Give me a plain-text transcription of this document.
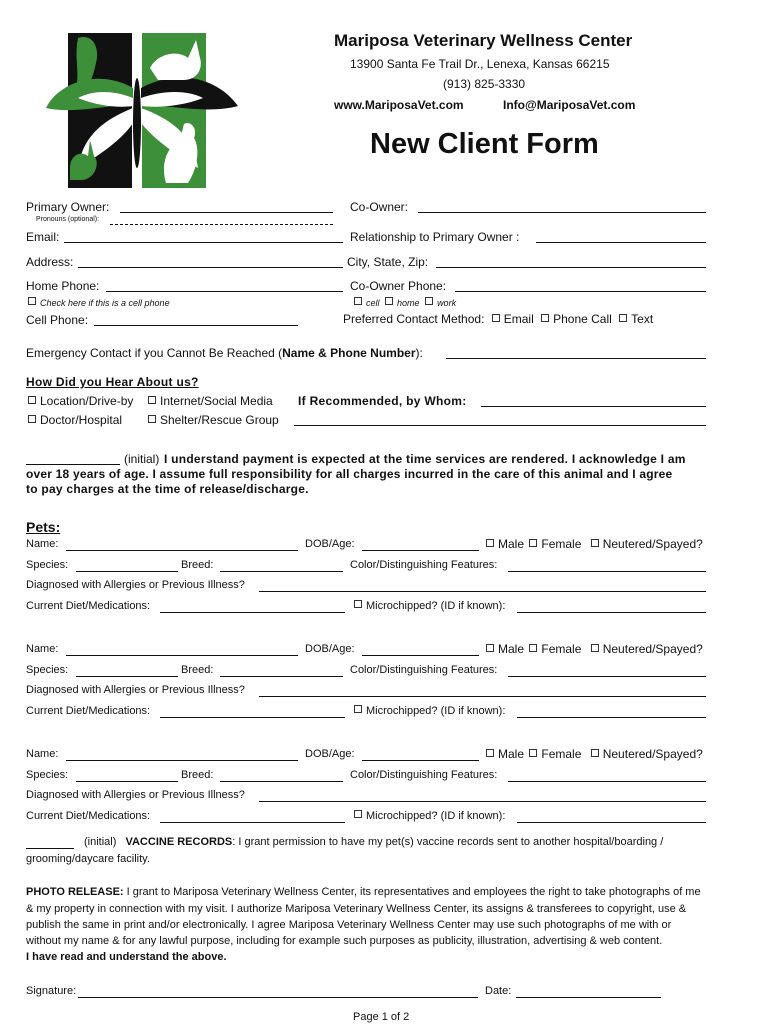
Mariposa Veterinary Wellness Center
13900 Santa Fe Trail Dr., Lenexa, Kansas 66215
(913) 825-3330
www.MariposaVet.com	Info@MariposaVet.com
New Client Form
Primary Owner:	Co-Owner:
Pronouns (optional):
Email:	Relationship to Primary Owner :
Address:	City, State, Zip:
Home Phone:	Co-Owner Phone:
Check here if this is a cell phone	cell home work
Cell Phone:	Preferred Contact Method: Email Phone Call Text
Emergency Contact if you Cannot Be Reached (Name & Phone Number):
How Did you Hear About us?
Location/Drive-by	Internet/Social Media If Recommended, by Whom:
Doctor/Hospital	Shelter/Rescue Group
(initial) I understand payment is expected at the time services are rendered. I acknowledge I am
over 18 years of age. I assume full responsibility for all charges incurred in the care of this animal and I agree
to pay charges at the time of release/discharge.
Pets:
Name:	DOB/Age:	Male Female Neutered/Spayed?
Species:	Breed:	Color/Distinguishing Features:
Diagnosed with Allergies or Previous Illness?
Current Diet/Medications:	Microchipped? (ID if known):
Name:	DOB/Age:	Male Female Neutered/Spayed?
Species:	Breed:	Color/Distinguishing Features:
Diagnosed with Allergies or Previous Illness?
Current Diet/Medications:	Microchipped? (ID if known):
Name:	DOB/Age:	Male Female Neutered/Spayed?
Species:	Breed:	Color/Distinguishing Features:
Diagnosed with Allergies or Previous Illness?
Current Diet/Medications:	Microchipped? (ID if known):
(initial) VACCINE RECORDS: I grant permission to have my pet(s) vaccine records sent to another hospital/boarding /
grooming/daycare facility.
PHOTO RELEASE: I grant to Mariposa Veterinary Wellness Center, its representatives and employees the right to take photographs of me
& my property in connection with my visit. I authorize Mariposa Veterinary Wellness Center, its assigns & transferees to copyright, use &
publish the same in print and/or electronically. I agree Mariposa Veterinary Wellness Center may use such photographs of me with or
without my name & for any lawful purpose, including for example such purposes as publicity, illustration, advertising & web content.
I have read and understand the above.
Signature:	Date:
Page 1 of 2
